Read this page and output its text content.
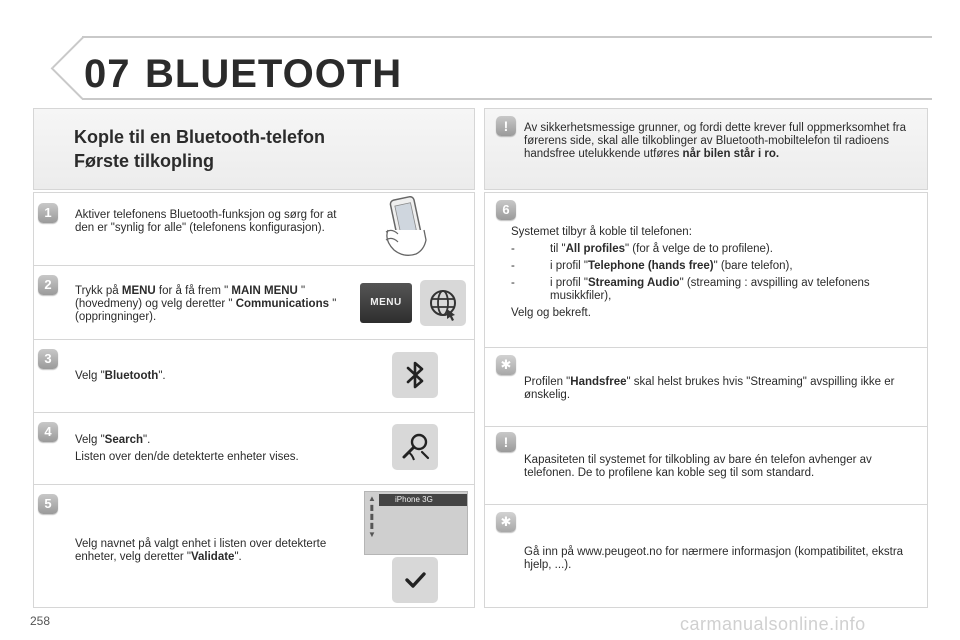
07 BLUETOOTH
Kople til en Bluetooth-telefon
Første tilkopling
1	Aktiver telefonens Bluetooth-funksjon og sørg for at den er "synlig for alle" (telefonens konfigurasjon).
2	Trykk på MENU for å få frem " MAIN MENU " (hovedmeny) og velg deretter " Communications " (oppringninger).
MENU
3
Velg "Bluetooth".
4
Velg "Search".
Listen over den/de detekterte enheter vises.
5
Velg navnet på valgt enhet i listen over detekterte enheter, velg deretter "Validate".
▲
▮
▮
▮
▼
iPhone 3G
!	Av sikkerhetsmessige grunner, og fordi dette krever full oppmerksomhet fra førerens side, skal alle tilkoblinger av Bluetooth-mobiltelefon til radioens handsfree utelukkende utføres når bilen står i ro.
6
Systemet tilbyr å koble til telefonen:
-	til "All profiles" (for å velge de to profilene).
-	i profil "Telephone (hands free)" (bare telefon),
-	i profil "Streaming Audio" (streaming : avspilling av telefonens musikkfiler),
Velg og bekreft.
✱
Profilen "Handsfree" skal helst brukes hvis "Streaming" avspilling ikke er ønskelig.
!
Kapasiteten til systemet for tilkobling av bare én telefon avhenger av telefonen. De to profilene kan koble seg til som standard.
✱
Gå inn på www.peugeot.no for nærmere informasjon (kompatibilitet, ekstra hjelp, ...).
258	carmanualsonline.info
